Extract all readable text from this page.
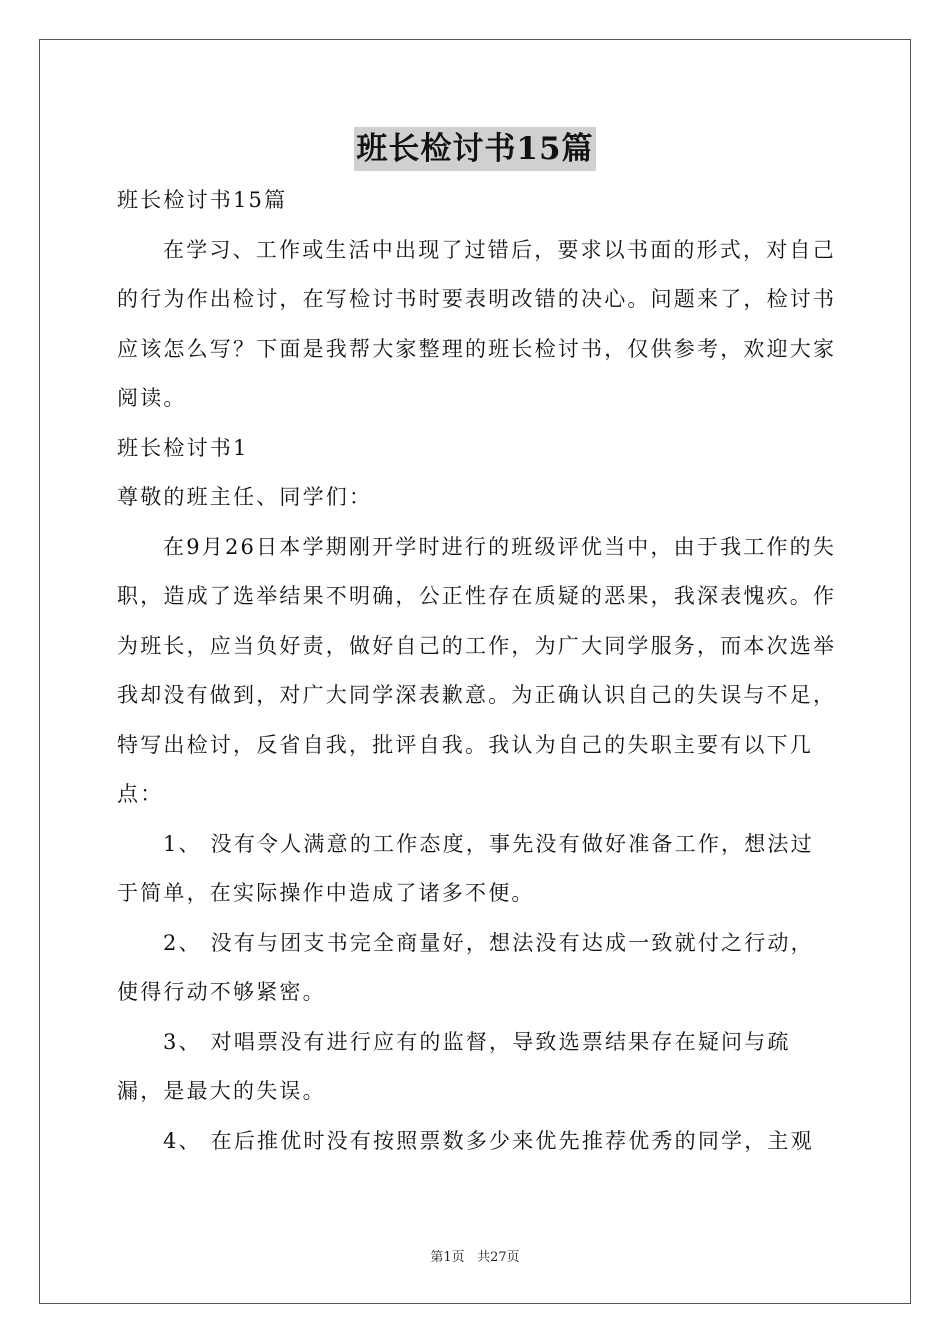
班长检讨书15篇

班长检讨书15篇

在学习、工作或生活中出现了过错后，要求以书面的形式，对自己的行为作出检讨，在写检讨书时要表明改错的决心。问题来了，检讨书应该怎么写？下面是我帮大家整理的班长检讨书，仅供参考，欢迎大家阅读。

班长检讨书1

尊敬的班主任、同学们：

在9月26日本学期刚开学时进行的班级评优当中，由于我工作的失职，造成了选举结果不明确，公正性存在质疑的恶果，我深表愧疚。作为班长，应当负好责，做好自己的工作，为广大同学服务，而本次选举我却没有做到，对广大同学深表歉意。为正确认识自己的失误与不足，特写出检讨，反省自我，批评自我。我认为自己的失职主要有以下几点：

1、 没有令人满意的工作态度，事先没有做好准备工作，想法过于简单，在实际操作中造成了诸多不便。

2、 没有与团支书完全商量好，想法没有达成一致就付之行动，使得行动不够紧密。

3、 对唱票没有进行应有的监督，导致选票结果存在疑问与疏漏，是最大的失误。

4、 在后推优时没有按照票数多少来优先推荐优秀的同学，主观

第1页 共27页
